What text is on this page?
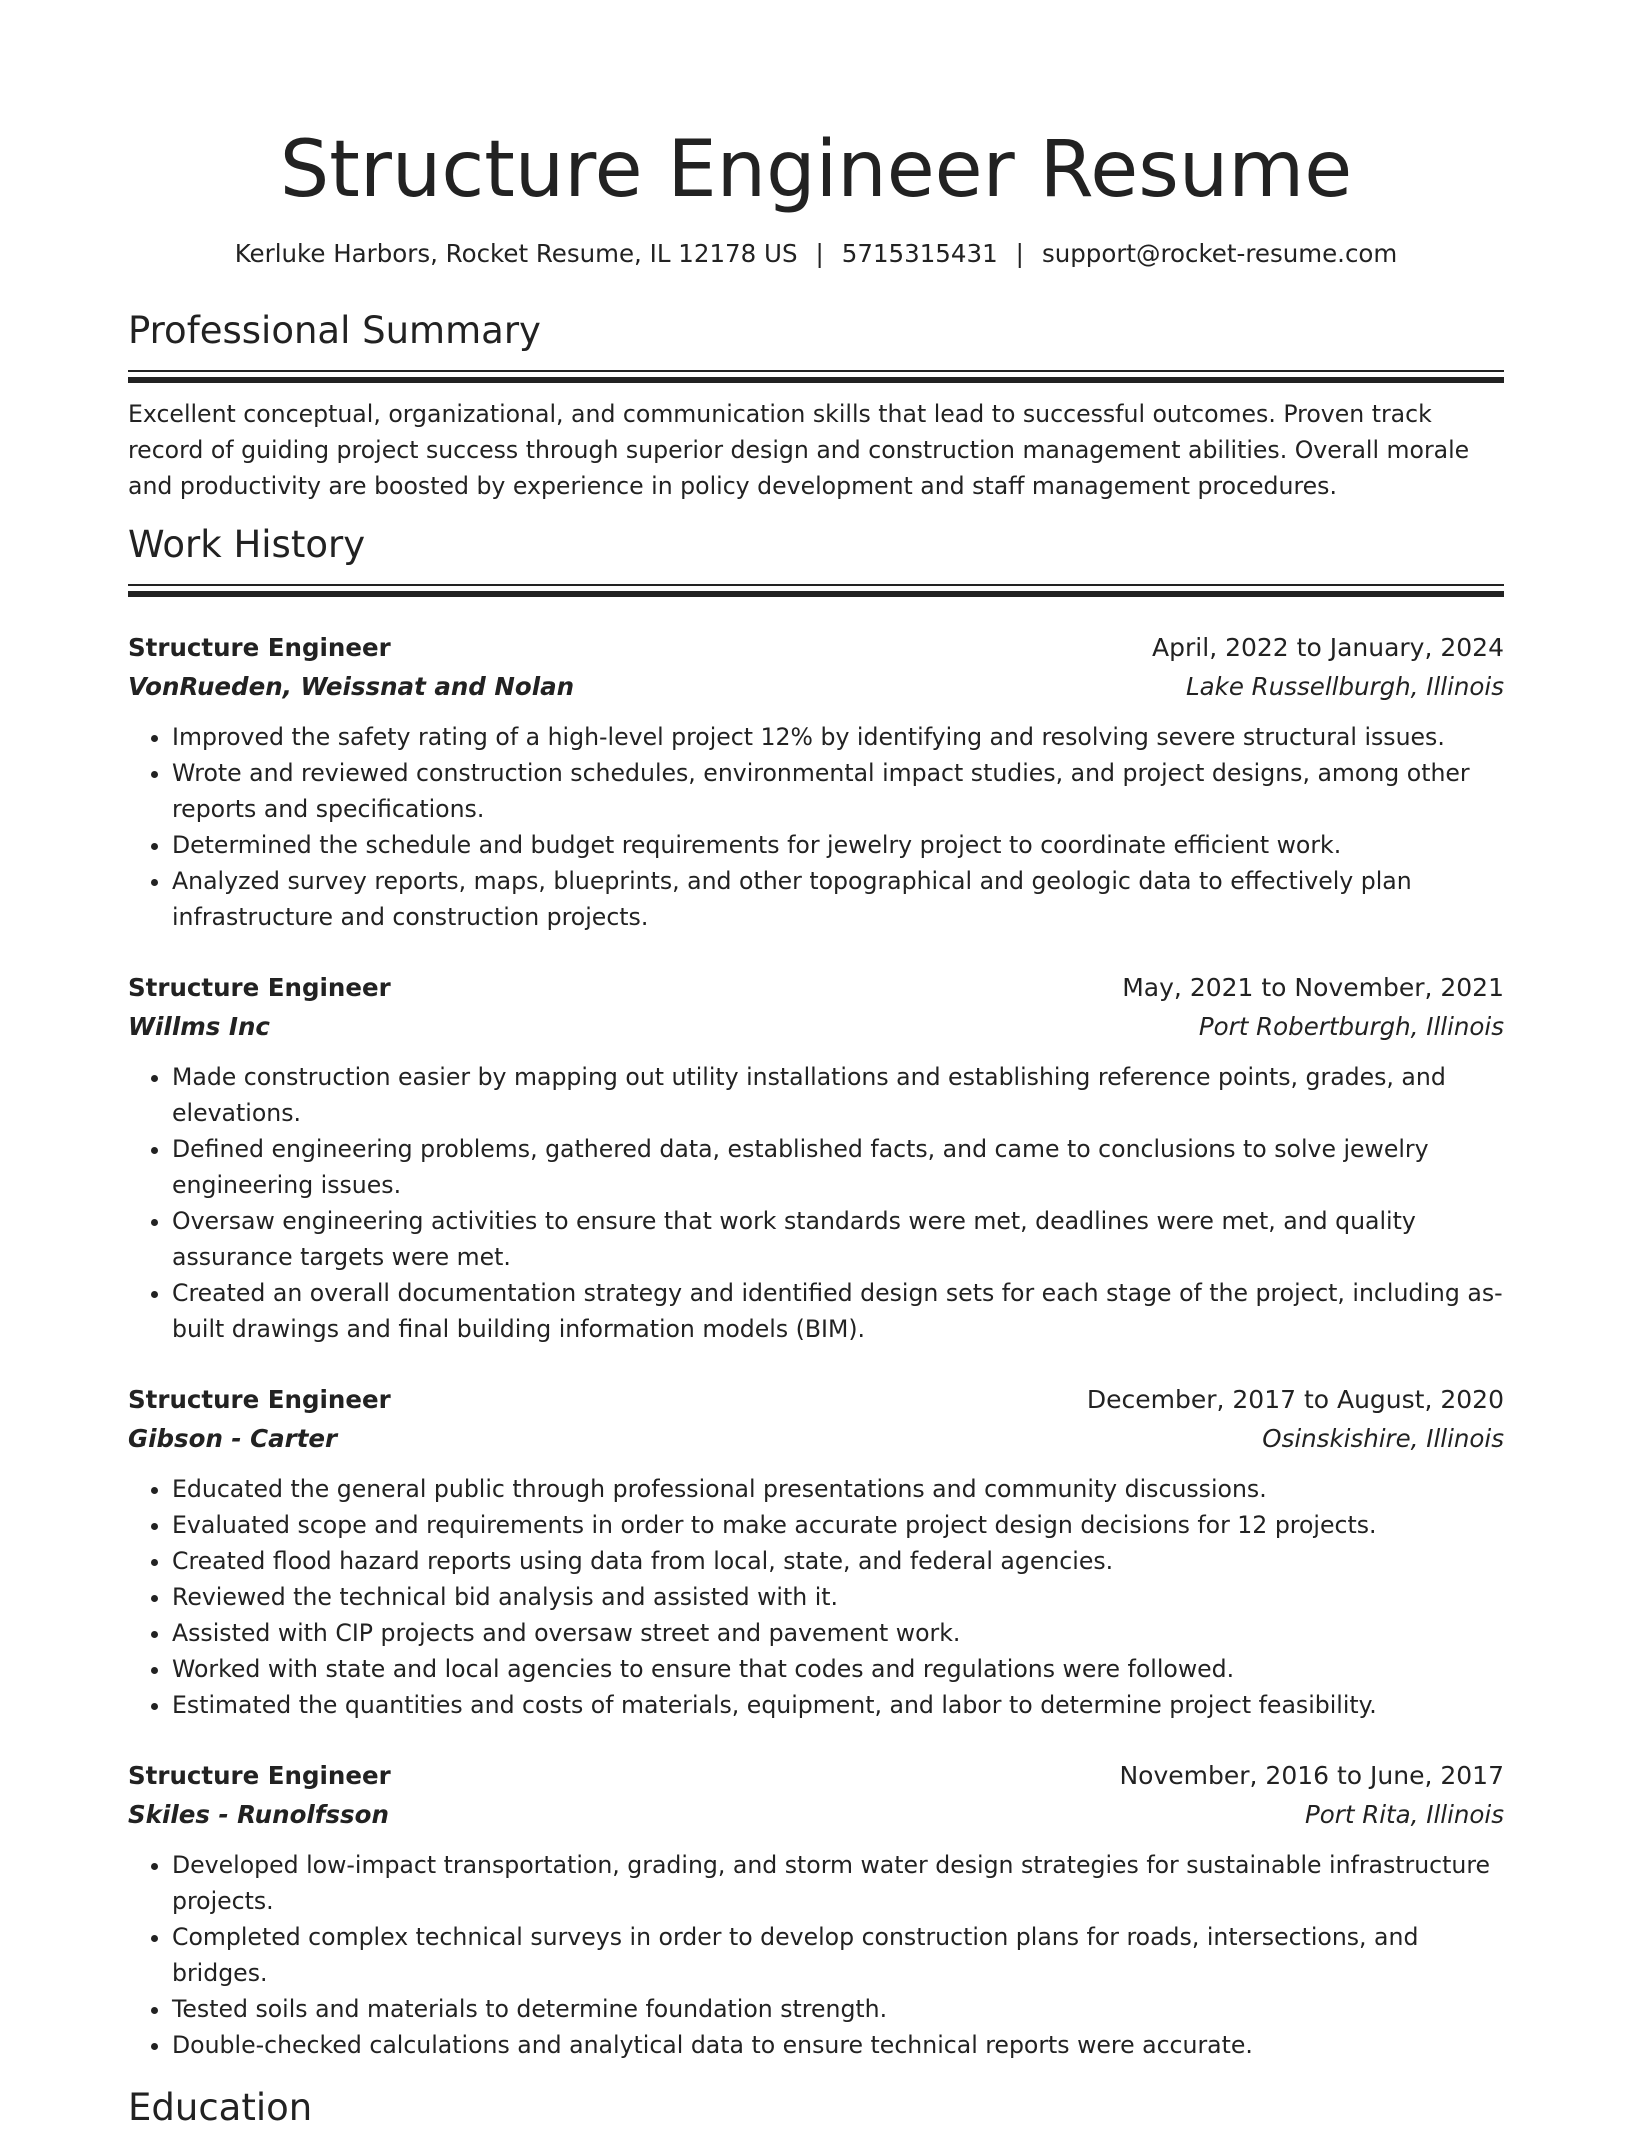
Structure Engineer Resume
Kerluke Harbors, Rocket Resume, IL 12178 US | 5715315431 | support@rocket-resume.com
Professional Summary

Excellent conceptual, organizational, and communication skills that lead to successful outcomes. Proven track record of guiding project success through superior design and construction management abilities. Overall morale and productivity are boosted by experience in policy development and staff management procedures.

Work History
Structure Engineer	April, 2022 to January, 2024
VonRueden, Weissnat and Nolan	Lake Russellburgh, Illinois
• Improved the safety rating of a high-level project 12% by identifying and resolving severe structural issues.
• Wrote and reviewed construction schedules, environmental impact studies, and project designs, among other reports and specifications.
• Determined the schedule and budget requirements for jewelry project to coordinate efficient work.
• Analyzed survey reports, maps, blueprints, and other topographical and geologic data to effectively plan infrastructure and construction projects.
Structure Engineer	May, 2021 to November, 2021
Willms Inc	Port Robertburgh, Illinois
• Made construction easier by mapping out utility installations and establishing reference points, grades, and elevations.
• Defined engineering problems, gathered data, established facts, and came to conclusions to solve jewelry engineering issues.
• Oversaw engineering activities to ensure that work standards were met, deadlines were met, and quality assurance targets were met.
• Created an overall documentation strategy and identified design sets for each stage of the project, including as-built drawings and final building information models (BIM).
Structure Engineer	December, 2017 to August, 2020
Gibson - Carter	Osinskishire, Illinois
• Educated the general public through professional presentations and community discussions.
• Evaluated scope and requirements in order to make accurate project design decisions for 12 projects.
• Created flood hazard reports using data from local, state, and federal agencies.
• Reviewed the technical bid analysis and assisted with it.
• Assisted with CIP projects and oversaw street and pavement work.
• Worked with state and local agencies to ensure that codes and regulations were followed.
• Estimated the quantities and costs of materials, equipment, and labor to determine project feasibility.
Structure Engineer	November, 2016 to June, 2017
Skiles - Runolfsson	Port Rita, Illinois
• Developed low-impact transportation, grading, and storm water design strategies for sustainable infrastructure projects.
• Completed complex technical surveys in order to develop construction plans for roads, intersections, and bridges.
• Tested soils and materials to determine foundation strength.
• Double-checked calculations and analytical data to ensure technical reports were accurate.
Education
